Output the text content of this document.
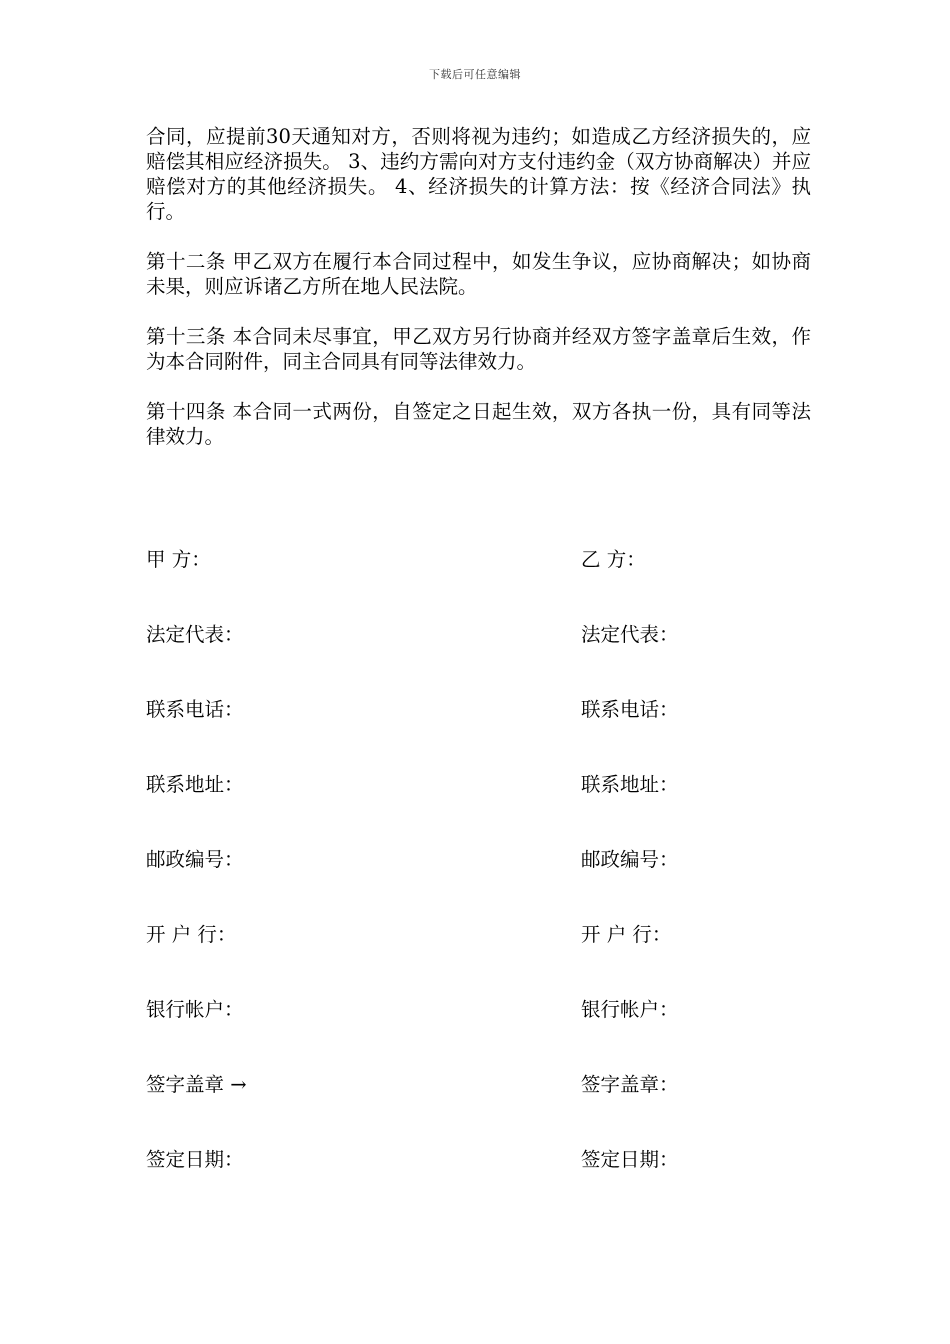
下载后可任意编辑

合同，应提前30天通知对方，否则将视为违约；如造成乙方经济损失的，应赔偿其相应经济损失。 3、违约方需向对方支付违约金（双方协商解决）并应赔偿对方的其他经济损失。 4、经济损失的计算方法：按《经济合同法》执行。

第十二条 甲乙双方在履行本合同过程中，如发生争议，应协商解决；如协商未果，则应诉诸乙方所在地人民法院。

第十三条 本合同未尽事宜，甲乙双方另行协商并经双方签字盖章后生效，作为本合同附件，同主合同具有同等法律效力。

第十四条 本合同一式两份，自签定之日起生效，双方各执一份，具有同等法律效力。

甲 方：

法定代表：

联系电话：

联系地址：

邮政编号：

开 户 行：

银行帐户：

签字盖章 →

签定日期：

乙 方：

法定代表：

联系电话：

联系地址：

邮政编号：

开 户 行：

银行帐户：

签字盖章：

签定日期：
